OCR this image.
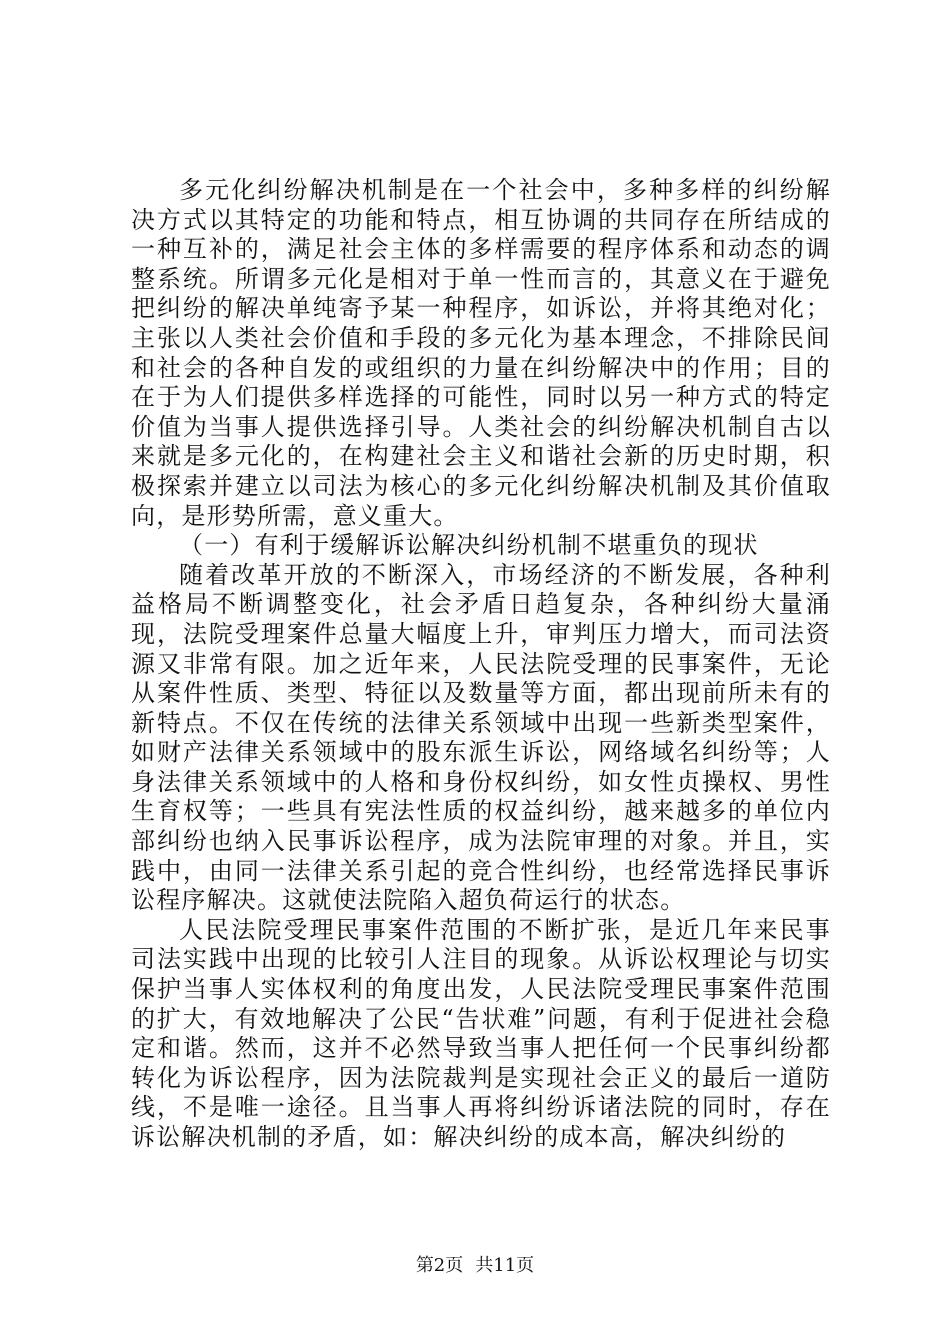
多元化纠纷解决机制是在一个社会中，多种多样的纠纷解决方式以其特定的功能和特点，相互协调的共同存在所结成的一种互补的，满足社会主体的多样需要的程序体系和动态的调整系统。所谓多元化是相对于单一性而言的，其意义在于避免把纠纷的解决单纯寄予某一种程序，如诉讼，并将其绝对化；主张以人类社会价值和手段的多元化为基本理念，不排除民间和社会的各种自发的或组织的力量在纠纷解决中的作用；目的在于为人们提供多样选择的可能性，同时以另一种方式的特定价值为当事人提供选择引导。人类社会的纠纷解决机制自古以来就是多元化的，在构建社会主义和谐社会新的历史时期，积极探索并建立以司法为核心的多元化纠纷解决机制及其价值取向，是形势所需，意义重大。

（一）有利于缓解诉讼解决纠纷机制不堪重负的现状

随着改革开放的不断深入，市场经济的不断发展，各种利益格局不断调整变化，社会矛盾日趋复杂，各种纠纷大量涌现，法院受理案件总量大幅度上升，审判压力增大，而司法资源又非常有限。加之近年来，人民法院受理的民事案件，无论从案件性质、类型、特征以及数量等方面，都出现前所未有的新特点。不仅在传统的法律关系领域中出现一些新类型案件，如财产法律关系领域中的股东派生诉讼，网络域名纠纷等；人身法律关系领域中的人格和身份权纠纷，如女性贞操权、男性生育权等；一些具有宪法性质的权益纠纷，越来越多的单位内部纠纷也纳入民事诉讼程序，成为法院审理的对象。并且，实践中，由同一法律关系引起的竞合性纠纷，也经常选择民事诉讼程序解决。这就使法院陷入超负荷运行的状态。

人民法院受理民事案件范围的不断扩张，是近几年来民事司法实践中出现的比较引人注目的现象。从诉讼权理论与切实保护当事人实体权利的角度出发，人民法院受理民事案件范围的扩大，有效地解决了公民“告状难”问题，有利于促进社会稳定和谐。然而，这并不必然导致当事人把任何一个民事纠纷都转化为诉讼程序，因为法院裁判是实现社会正义的最后一道防线，不是唯一途径。且当事人再将纠纷诉诸法院的同时，存在诉讼解决机制的矛盾，如：解决纠纷的成本高，解决纠纷的

第2页 共11页
